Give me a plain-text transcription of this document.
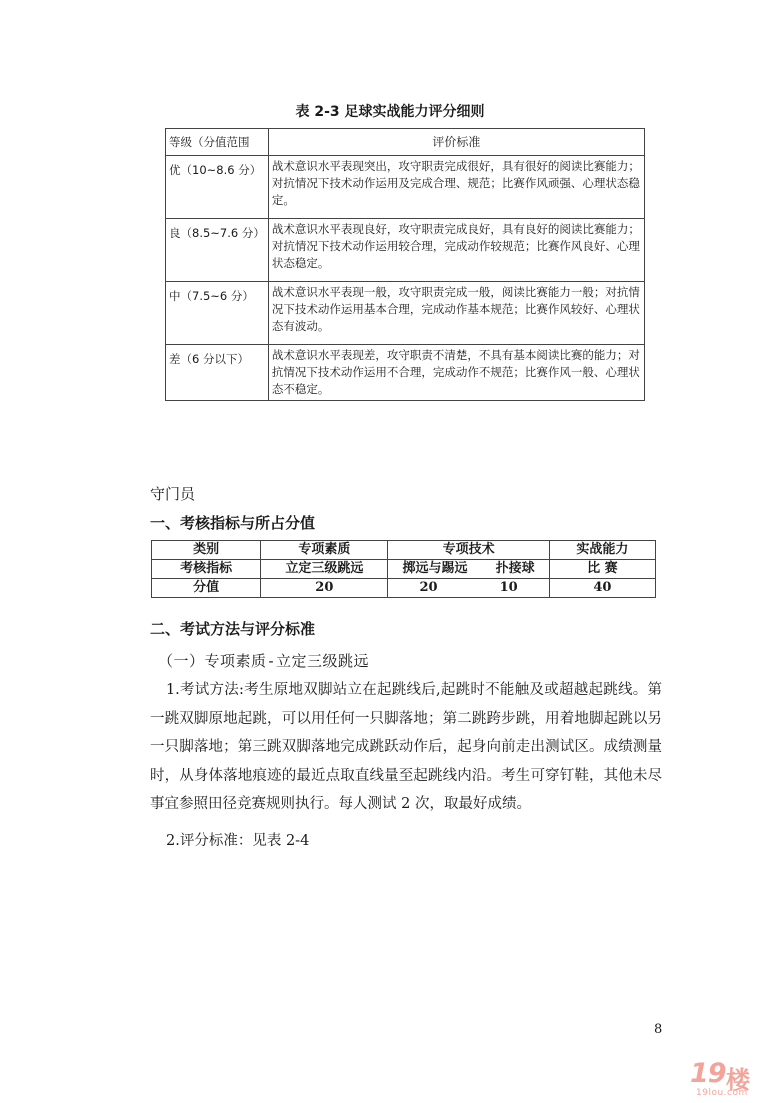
表 2-3 足球实战能力评分细则
等级（分值范围	评价标准
优（10~8.6 分）	战术意识水平表现突出，攻守职责完成很好，具有很好的阅读比赛能力；对抗情况下技术动作运用及完成合理、规范；比赛作风顽强、心理状态稳定。
良（8.5~7.6 分）	战术意识水平表现良好，攻守职责完成良好，具有良好的阅读比赛能力；对抗情况下技术动作运用较合理，完成动作较规范；比赛作风良好、心理状态稳定。
中（7.5~6 分）	战术意识水平表现一般，攻守职责完成一般，阅读比赛能力一般；对抗情况下技术动作运用基本合理，完成动作基本规范；比赛作风较好、心理状态有波动。
差（6 分以下）	战术意识水平表现差，攻守职责不清楚，不具有基本阅读比赛的能力；对抗情况下技术动作运用不合理，完成动作不规范；比赛作风一般、心理状态不稳定。
守门员
一、考核指标与所占分值
类别	专项素质	专项技术	实战能力
考核指标	立定三级跳远	掷远与踢远 扑接球	比 赛
分值	20	20 10	40
二、考试方法与评分标准
（一）专项素质-立定三级跳远
1.考试方法:考生原地双脚站立在起跳线后,起跳时不能触及或超越起跳线。第一跳双脚原地起跳，可以用任何一只脚落地；第二跳跨步跳，用着地脚起跳以另一只脚落地；第三跳双脚落地完成跳跃动作后，起身向前走出测试区。成绩测量时，从身体落地痕迹的最近点取直线量至起跳线内沿。考生可穿钉鞋，其他未尽事宜参照田径竞赛规则执行。每人测试 2 次，取最好成绩。
2.评分标准：见表 2-4
8
19 楼
19lou.com
